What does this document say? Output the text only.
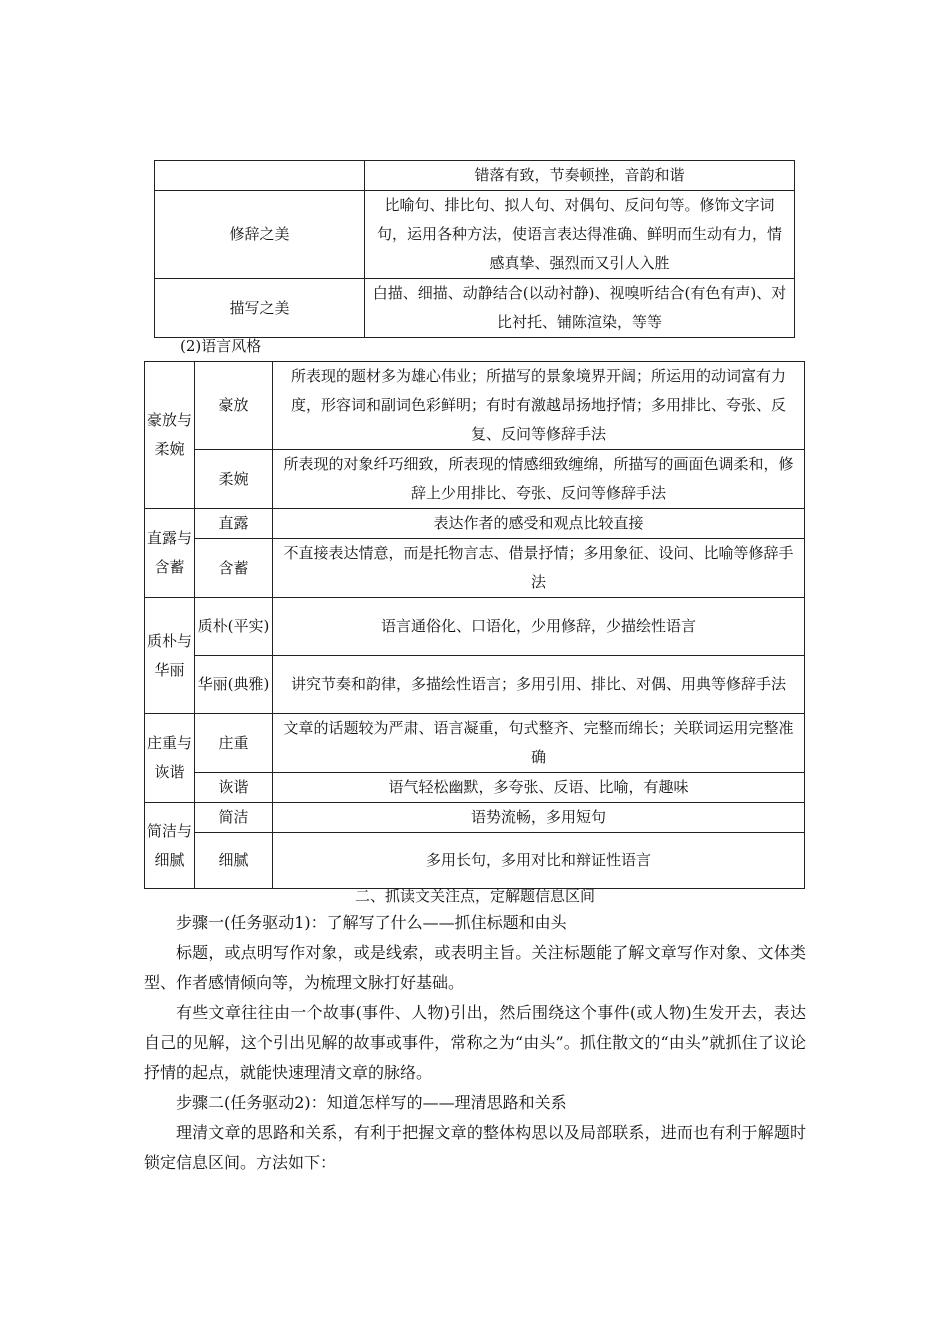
	错落有致，节奏顿挫，音韵和谐
修辞之美	比喻句、排比句、拟人句、对偶句、反问句等。修饰文字词句，运用各种方法，使语言表达得准确、鲜明而生动有力，情感真挚、强烈而又引人入胜
描写之美	白描、细描、动静结合(以动衬静)、视嗅听结合(有色有声)、对比衬托、铺陈渲染，等等
(2)语言风格
豪放与柔婉	豪放	所表现的题材多为雄心伟业；所描写的景象境界开阔；所运用的动词富有力度，形容词和副词色彩鲜明；有时有激越昂扬地抒情；多用排比、夸张、反复、反问等修辞手法
	柔婉	所表现的对象纤巧细致，所表现的情感细致缠绵，所描写的画面色调柔和，修辞上少用排比、夸张、反问等修辞手法
直露与含蓄	直露	表达作者的感受和观点比较直接
	含蓄	不直接表达情意，而是托物言志、借景抒情；多用象征、设问、比喻等修辞手法
质朴与华丽	质朴(平实)	语言通俗化、口语化，少用修辞，少描绘性语言
	华丽(典雅)	讲究节奏和韵律，多描绘性语言；多用引用、排比、对偶、用典等修辞手法
庄重与诙谐	庄重	文章的话题较为严肃、语言凝重，句式整齐、完整而绵长；关联词运用完整准确
	诙谐	语气轻松幽默，多夸张、反语、比喻，有趣味
简洁与细腻	简洁	语势流畅，多用短句
	细腻	多用长句，多用对比和辩证性语言
二、抓读文关注点，定解题信息区间

步骤一(任务驱动1)：了解写了什么——抓住标题和由头

标题，或点明写作对象，或是线索，或表明主旨。关注标题能了解文章写作对象、文体类型、作者感情倾向等，为梳理文脉打好基础。

有些文章往往由一个故事(事件、人物)引出，然后围绕这个事件(或人物)生发开去，表达自己的见解，这个引出见解的故事或事件，常称之为“由头”。抓住散文的“由头”就抓住了议论抒情的起点，就能快速理清文章的脉络。

步骤二(任务驱动2)：知道怎样写的——理清思路和关系

理清文章的思路和关系，有利于把握文章的整体构思以及局部联系，进而也有利于解题时锁定信息区间。方法如下：
